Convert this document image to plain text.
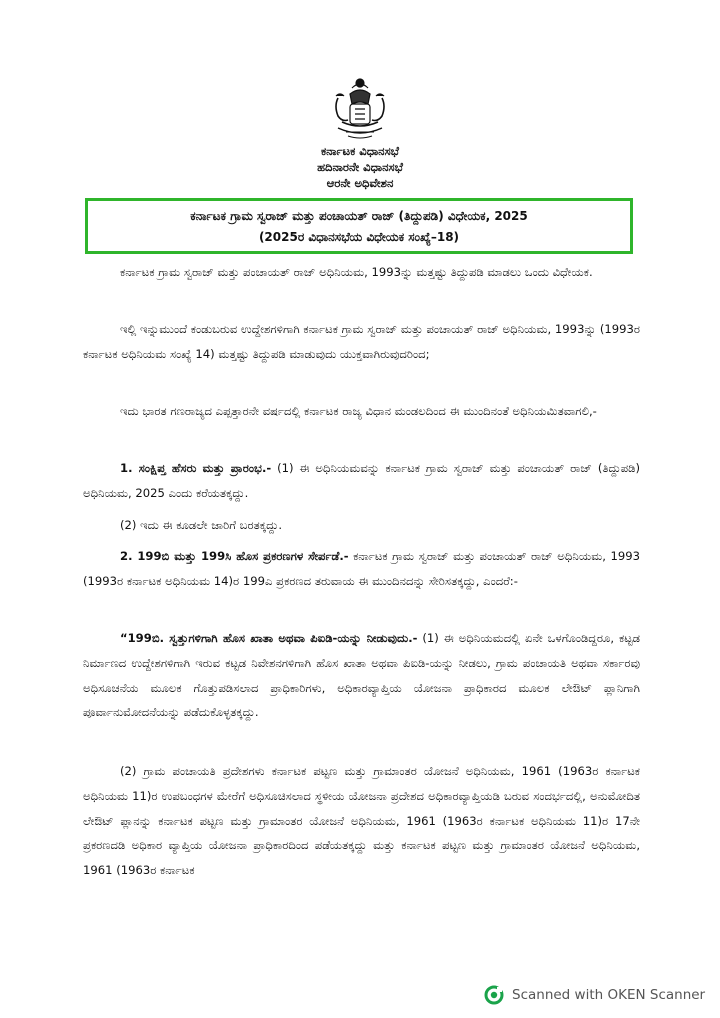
ಕರ್ನಾಟಕ ವಿಧಾನಸಭೆ
ಹದಿನಾರನೇ ವಿಧಾನಸಭೆ
ಆರನೇ ಅಧಿವೇಶನ
ಕರ್ನಾಟಕ ಗ್ರಾಮ ಸ್ವರಾಜ್ ಮತ್ತು ಪಂಚಾಯತ್ ರಾಜ್ (ತಿದ್ದುಪಡಿ) ವಿಧೇಯಕ, 2025
(2025ರ ವಿಧಾನಸಭೆಯ ವಿಧೇಯಕ ಸಂಖ್ಯೆ–18)

ಕರ್ನಾಟಕ ಗ್ರಾಮ ಸ್ವರಾಜ್ ಮತ್ತು ಪಂಚಾಯತ್ ರಾಜ್ ಅಧಿನಿಯಮ, 1993ನ್ನು ಮತ್ತಷ್ಟು ತಿದ್ದುಪಡಿ ಮಾಡಲು ಒಂದು ವಿಧೇಯಕ.

ಇಲ್ಲಿ ಇನ್ನುಮುಂದೆ ಕಂಡುಬರುವ ಉದ್ದೇಶಗಳಿಗಾಗಿ ಕರ್ನಾಟಕ ಗ್ರಾಮ ಸ್ವರಾಜ್ ಮತ್ತು ಪಂಚಾಯತ್ ರಾಜ್ ಅಧಿನಿಯಮ, 1993ನ್ನು (1993ರ ಕರ್ನಾಟಕ ಅಧಿನಿಯಮ ಸಂಖ್ಯೆ 14) ಮತ್ತಷ್ಟು ತಿದ್ದುಪಡಿ ಮಾಡುವುದು ಯುಕ್ತವಾಗಿರುವುದರಿಂದ;

ಇದು ಭಾರತ ಗಣರಾಜ್ಯದ ಎಪ್ಪತ್ತಾರನೇ ವರ್ಷದಲ್ಲಿ ಕರ್ನಾಟಕ ರಾಜ್ಯ ವಿಧಾನ ಮಂಡಲದಿಂದ ಈ ಮುಂದಿನಂತೆ ಅಧಿನಿಯಮಿತವಾಗಲಿ,-

1. ಸಂಕ್ಷಿಪ್ತ ಹೆಸರು ಮತ್ತು ಪ್ರಾರಂಭ.- (1) ಈ ಅಧಿನಿಯಮವನ್ನು ಕರ್ನಾಟಕ ಗ್ರಾಮ ಸ್ವರಾಜ್ ಮತ್ತು ಪಂಚಾಯತ್ ರಾಜ್ (ತಿದ್ದುಪಡಿ) ಅಧಿನಿಯಮ, 2025 ಎಂದು ಕರೆಯತಕ್ಕದ್ದು.

(2) ಇದು ಈ ಕೂಡಲೇ ಜಾರಿಗೆ ಬರತಕ್ಕದ್ದು.

2. 199ಬಿ ಮತ್ತು 199ಸಿ ಹೊಸ ಪ್ರಕರಣಗಳ ಸೇರ್ಪಡೆ.- ಕರ್ನಾಟಕ ಗ್ರಾಮ ಸ್ವರಾಜ್ ಮತ್ತು ಪಂಚಾಯತ್ ರಾಜ್ ಅಧಿನಿಯಮ, 1993 (1993ರ ಕರ್ನಾಟಕ ಅಧಿನಿಯಮ 14)ರ 199ಎ ಪ್ರಕರಣದ ತರುವಾಯ ಈ ಮುಂದಿನದನ್ನು ಸೇರಿಸತಕ್ಕದ್ದು, ಎಂದರೆ:-

“199ಬಿ. ಸ್ವತ್ತುಗಳಿಗಾಗಿ ಹೊಸ ಖಾತಾ ಅಥವಾ ಪಿಐಡಿ-ಯನ್ನು ನೀಡುವುದು.- (1) ಈ ಅಧಿನಿಯಮದಲ್ಲಿ ಏನೇ ಒಳಗೊಂಡಿದ್ದರೂ, ಕಟ್ಟಡ ನಿರ್ಮಾಣದ ಉದ್ದೇಶಗಳಿಗಾಗಿ ಇರುವ ಕಟ್ಟಡ ನಿವೇಶನಗಳಿಗಾಗಿ ಹೊಸ ಖಾತಾ ಅಥವಾ ಪಿಐಡಿ-ಯನ್ನು ನೀಡಲು, ಗ್ರಾಮ ಪಂಚಾಯತಿ ಅಥವಾ ಸರ್ಕಾರವು ಅಧಿಸೂಚನೆಯ ಮೂಲಕ ಗೊತ್ತುಪಡಿಸಲಾದ ಪ್ರಾಧಿಕಾರಿಗಳು, ಅಧಿಕಾರವ್ಯಾಪ್ತಿಯ ಯೋಜನಾ ಪ್ರಾಧಿಕಾರದ ಮೂಲಕ ಲೇಔಟ್ ಪ್ಲಾನಿಗಾಗಿ ಪೂರ್ವಾನುಮೋದನೆಯನ್ನು ಪಡೆದುಕೊಳ್ಳತಕ್ಕದ್ದು.

(2) ಗ್ರಾಮ ಪಂಚಾಯತಿ ಪ್ರದೇಶಗಳು ಕರ್ನಾಟಕ ಪಟ್ಟಣ ಮತ್ತು ಗ್ರಾಮಾಂತರ ಯೋಜನೆ ಅಧಿನಿಯಮ, 1961 (1963ರ ಕರ್ನಾಟಕ ಅಧಿನಿಯಮ 11)ರ ಉಪಬಂಧಗಳ ಮೇರೆಗೆ ಅಧಿಸೂಚಿಸಲಾದ ಸ್ಥಳೀಯ ಯೋಜನಾ ಪ್ರದೇಶದ ಅಧಿಕಾರವ್ಯಾಪ್ತಿಯಡಿ ಬರುವ ಸಂದರ್ಭದಲ್ಲಿ, ಅನುಮೋದಿತ ಲೇಔಟ್ ಪ್ಲಾನನ್ನು ಕರ್ನಾಟಕ ಪಟ್ಟಣ ಮತ್ತು ಗ್ರಾಮಾಂತರ ಯೋಜನೆ ಅಧಿನಿಯಮ, 1961 (1963ರ ಕರ್ನಾಟಕ ಅಧಿನಿಯಮ 11)ರ 17ನೇ ಪ್ರಕರಣದಡಿ ಅಧಿಕಾರ ವ್ಯಾಪ್ತಿಯ ಯೋಜನಾ ಪ್ರಾಧಿಕಾರದಿಂದ ಪಡೆಯತಕ್ಕದ್ದು ಮತ್ತು ಕರ್ನಾಟಕ ಪಟ್ಟಣ ಮತ್ತು ಗ್ರಾಮಾಂತರ ಯೋಜನೆ ಅಧಿನಿಯಮ, 1961 (1963ರ ಕರ್ನಾಟಕ

Scanned with OKEN Scanner
